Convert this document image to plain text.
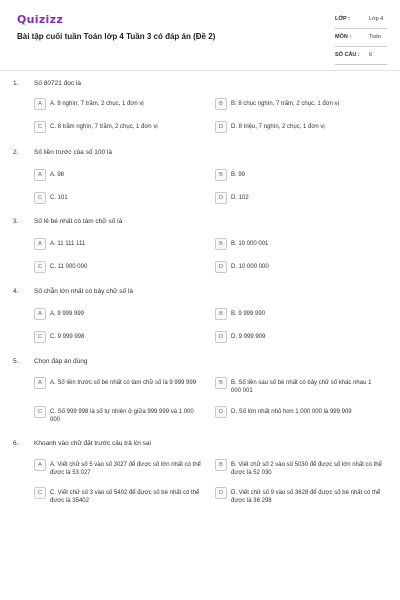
Quizizz
Bài tập cuối tuần Toán lớp 4 Tuần 3 có đáp án (Đề 2)
LỚP :	Lớp 4
MÔN :	Toán
SỐ CÂU : 6
1. Số 80721 đọc là
A	A. 8 nghìn, 7 trăm, 2 chục, 1 đơn vị	B	B. 8 chục nghìn, 7 trăm, 2 chục, 1 đơn vị
C	C. 8 trăm nghìn, 7 trăm, 2 chục, 1 đơn vị	D	D. 8 triệu, 7 nghìn, 2 chục, 1 đơn vị
2. Số liền trước của số 100 là
A	A. 98	B	B. 99
C	C. 101	D	D. 102
3. Số lẻ bé nhất có tám chữ số là
A	A. 11 111 111	B	B. 10 000 001
C	C. 11 000 000	D	D. 10 000 000
4. Số chẵn lớn nhất có bảy chữ số là
A	A. 9 999 999	B	B. 9 999 990
C	C. 9 999 998	D	D. 9 999 909
5. Chọn đáp án đúng
A	A. Số liền trước số bé nhất có tám chữ số là 9 999 999	B	B. Số liền sau số bé nhất có bảy chữ số khác nhau 1 000 001
C	C. Số 999 998 là số tự nhiên ở giữa 999 999 và 1 000 000
D	D. Số lớn nhất nhỏ hơn 1 000 000 là 999 909
6. Khoanh vào chữ đặt trước câu trả lời sai
A	A. Viết chữ số 5 vào số 3027 để được số lớn nhất có thể được là 53 027
B	B. Viết chữ số 2 vào số 5030 để được số lớn nhất có thể được là 52 030
C	C. Viết chữ số 3 vào số 5402 để được số bé nhất có thể được là 35402
D	D. Viết chữ số 9 vào số 3628 để được số bé nhất có thể được là 36 298
